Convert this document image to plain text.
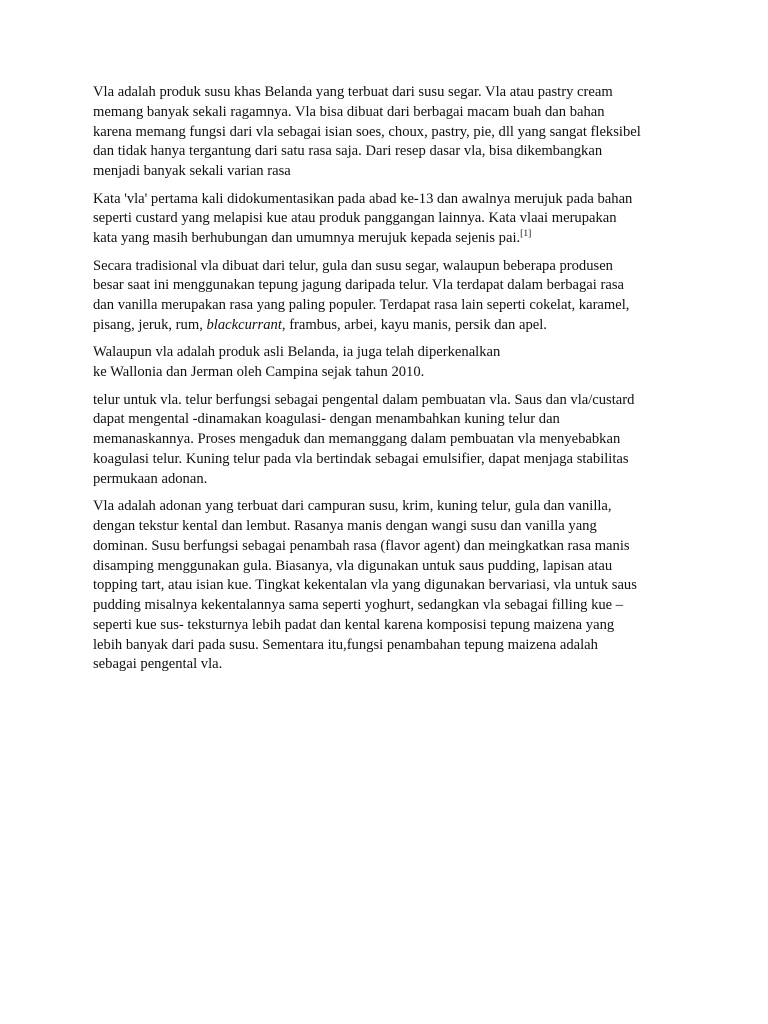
Vla adalah produk susu khas Belanda yang terbuat dari susu segar. Vla atau pastry cream
memang banyak sekali ragamnya. Vla bisa dibuat dari berbagai macam buah dan bahan
karena memang fungsi dari vla sebagai isian soes, choux, pastry, pie, dll yang sangat fleksibel
dan tidak hanya tergantung dari satu rasa saja. Dari resep dasar vla, bisa dikembangkan
menjadi banyak sekali varian rasa

Kata 'vla' pertama kali didokumentasikan pada abad ke-13 dan awalnya merujuk pada bahan
seperti custard yang melapisi kue atau produk panggangan lainnya. Kata vlaai merupakan
kata yang masih berhubungan dan umumnya merujuk kepada sejenis pai.[1]

Secara tradisional vla dibuat dari telur, gula dan susu segar, walaupun beberapa produsen
besar saat ini menggunakan tepung jagung daripada telur. Vla terdapat dalam berbagai rasa
dan vanilla merupakan rasa yang paling populer. Terdapat rasa lain seperti cokelat, karamel,
pisang, jeruk, rum, blackcurrant, frambus, arbei, kayu manis, persik dan apel.

Walaupun vla adalah produk asli Belanda, ia juga telah diperkenalkan
ke Wallonia dan Jerman oleh Campina sejak tahun 2010.

telur untuk vla. telur berfungsi sebagai pengental dalam pembuatan vla. Saus dan vla/custard
dapat mengental -dinamakan koagulasi- dengan menambahkan kuning telur dan
memanaskannya. Proses mengaduk dan memanggang dalam pembuatan vla menyebabkan
koagulasi telur. Kuning telur pada vla bertindak sebagai emulsifier, dapat menjaga stabilitas
permukaan adonan.

Vla adalah adonan yang terbuat dari campuran susu, krim, kuning telur, gula dan vanilla,
dengan tekstur kental dan lembut. Rasanya manis dengan wangi susu dan vanilla yang
dominan. Susu berfungsi sebagai penambah rasa (flavor agent) dan meingkatkan rasa manis
disamping menggunakan gula. Biasanya, vla digunakan untuk saus pudding, lapisan atau
topping tart, atau isian kue. Tingkat kekentalan vla yang digunakan bervariasi, vla untuk saus
pudding misalnya kekentalannya sama seperti yoghurt, sedangkan vla sebagai filling kue –
seperti kue sus- teksturnya lebih padat dan kental karena komposisi tepung maizena yang
lebih banyak dari pada susu. Sementara itu,fungsi penambahan tepung maizena adalah
sebagai pengental vla.
